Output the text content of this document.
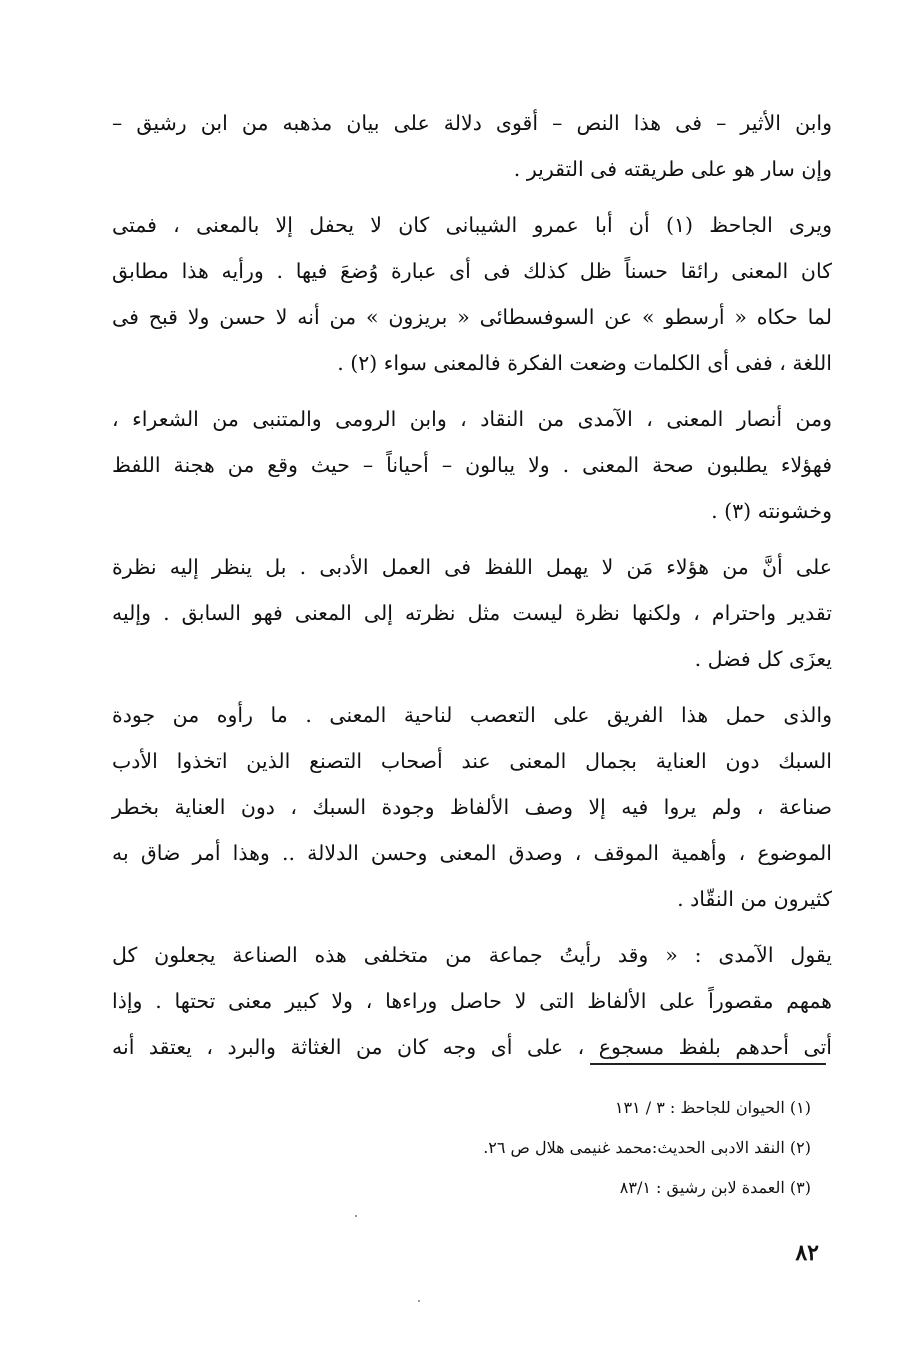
وابن الأثير – فى هذا النص – أقوى دلالة على بيان مذهبه من ابن رشيق –
وإن سار هو على طريقته فى التقرير .
ويرى الجاحظ (١) أن أبا عمرو الشيبانى كان لا يحفل إلا بالمعنى ، فمتى
كان المعنى رائقا حسناً ظل كذلك فى أى عبارة وُضعَ فيها . ورأيه هذا مطابق
لما حكاه « أرسطو » عن السوفسطائى « بريزون » من أنه لا حسن ولا قبح فى
اللغة ، ففى أى الكلمات وضعت الفكرة فالمعنى سواء (٢) .
ومن أنصار المعنى ، الآمدى من النقاد ، وابن الرومى والمتنبى من الشعراء ،
فهؤلاء يطلبون صحة المعنى . ولا يبالون – أحياناً – حيث وقع من هجنة اللفظ
وخشونته (٣) .
على أنَّ من هؤلاء مَن لا يهمل اللفظ فى العمل الأدبى . بل ينظر إليه نظرة
تقدير واحترام ، ولكنها نظرة ليست مثل نظرته إلى المعنى فهو السابق . وإليه
يعزَى كل فضل .
والذى حمل هذا الفريق على التعصب لناحية المعنى . ما رأوه من جودة
السبك دون العناية بجمال المعنى عند أصحاب التصنع الذين اتخذوا الأدب
صناعة ، ولم يروا فيه إلا وصف الألفاظ وجودة السبك ، دون العناية بخطر
الموضوع ، وأهمية الموقف ، وصدق المعنى وحسن الدلالة .. وهذا أمر ضاق به
كثيرون من النقّاد .
يقول الآمدى : « وقد رأيتُ جماعة من متخلفى هذه الصناعة يجعلون كل
همهم مقصوراً على الألفاظ التى لا حاصل وراءها ، ولا كبير معنى تحتها . وإذا
أتى أحدهم بلفظ مسجوع ، على أى وجه كان من الغثاثة والبرد ، يعتقد أنه
(١) الحيوان للجاحظ : ٣ / ١٣١
(٢) النقد الادبى الحديث:محمد غنيمى هلال ص ٢٦.
(٣) العمدة لابن رشيق : ٨٣/١
٨٢
